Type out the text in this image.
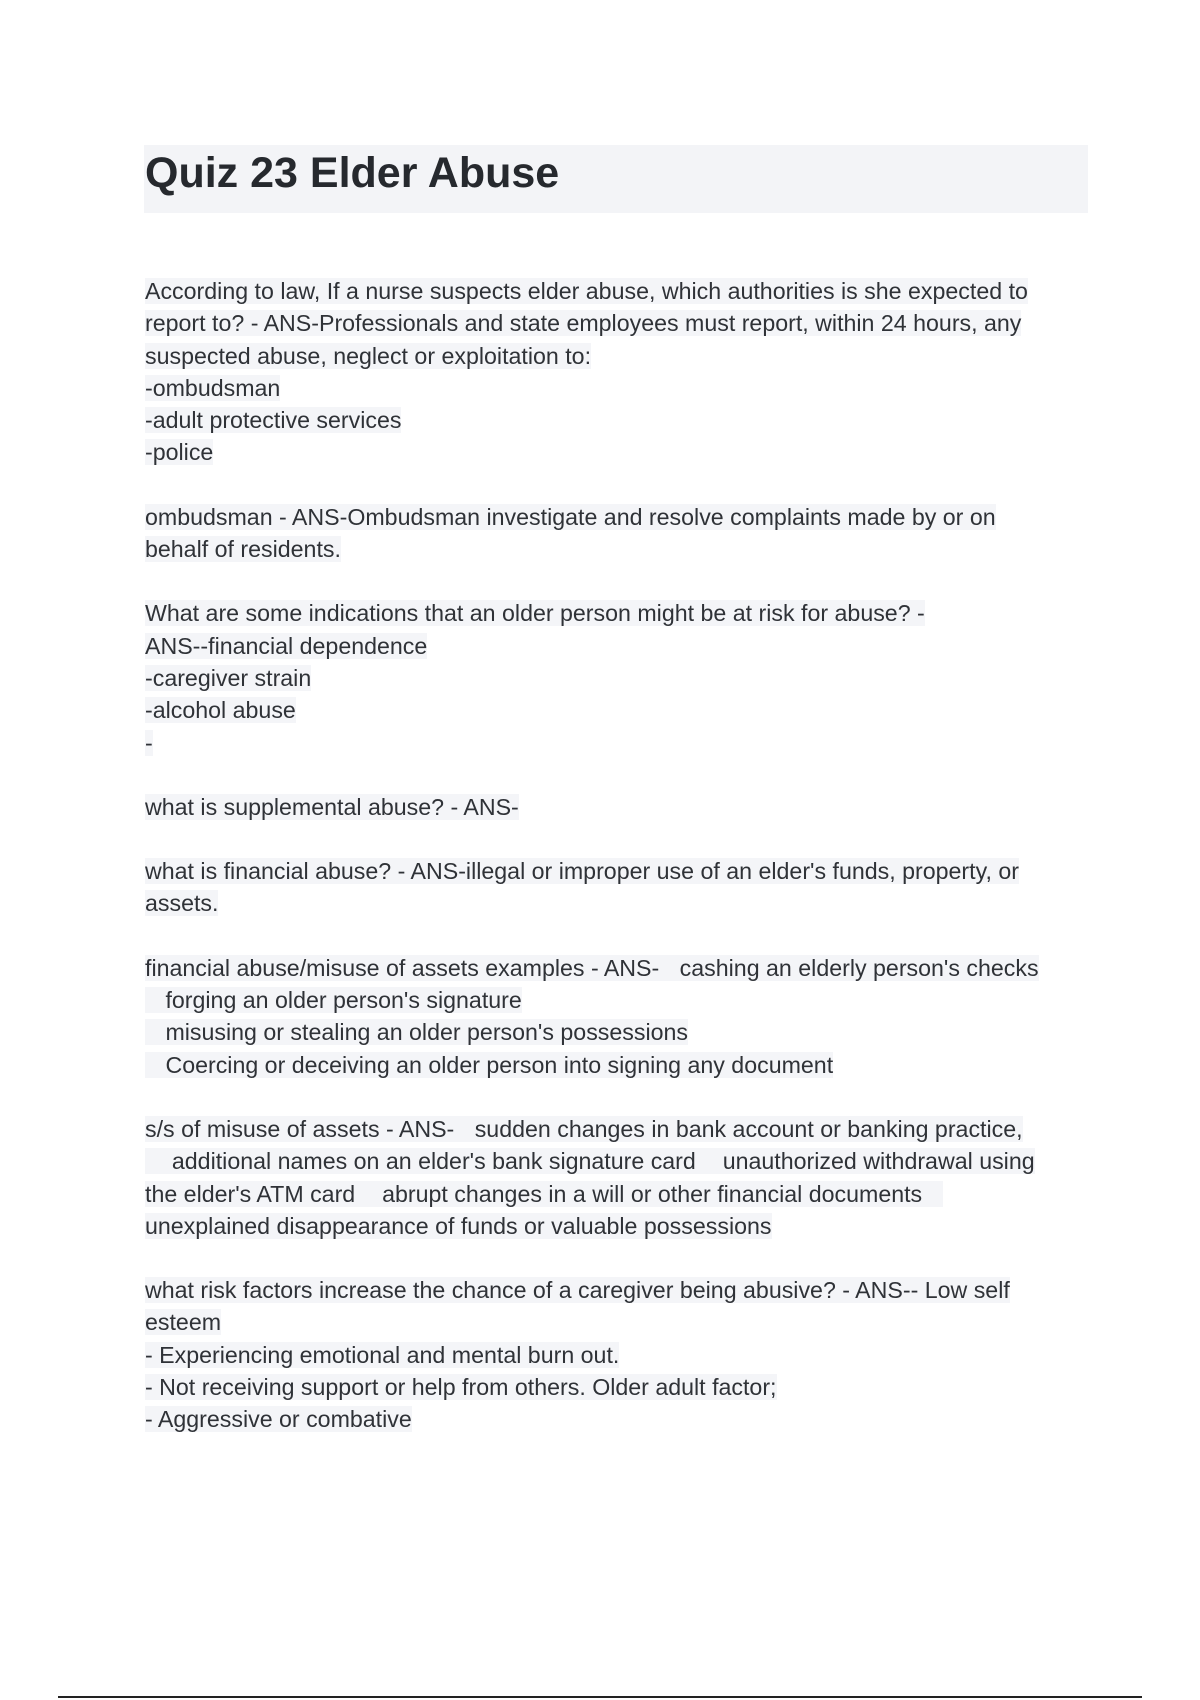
Quiz 23 Elder Abuse
According to law, If a nurse suspects elder abuse, which authorities is she expected to
report to? - ANS-Professionals and state employees must report, within 24 hours, any
suspected abuse, neglect or exploitation to:
-ombudsman
-adult protective services
-police
ombudsman - ANS-Ombudsman investigate and resolve complaints made by or on
behalf of residents.
What are some indications that an older person might be at risk for abuse? -
ANS--financial dependence
-caregiver strain
-alcohol abuse
-
what is supplemental abuse? - ANS-
what is financial abuse? - ANS-illegal or improper use of an elder's funds, property, or
assets.
financial abuse/misuse of assets examples - ANS- cashing an elderly person's checks
forging an older person's signature
misusing or stealing an older person's possessions
Coercing or deceiving an older person into signing any document
s/s of misuse of assets - ANS- sudden changes in bank account or banking practice,
additional names on an elder's bank signature card  unauthorized withdrawal using
the elder's ATM card  abrupt changes in a will or other financial documents
unexplained disappearance of funds or valuable possessions
what risk factors increase the chance of a caregiver being abusive? - ANS-- Low self
esteem
- Experiencing emotional and mental burn out.
- Not receiving support or help from others. Older adult factor;
- Aggressive or combative
